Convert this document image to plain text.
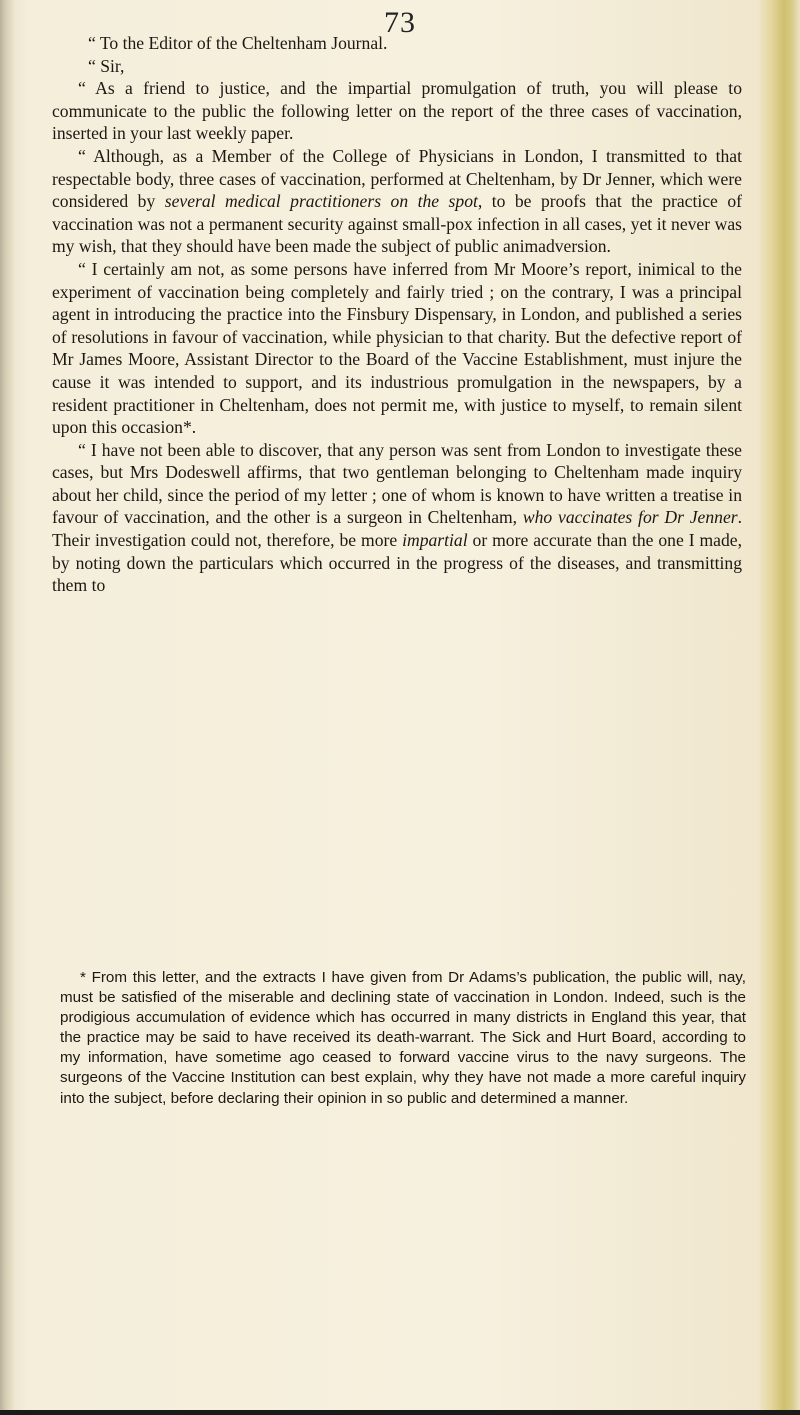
73

“ To the Editor of the Cheltenham Journal.

“ Sir,

“ As a friend to justice, and the impartial promulgation of truth, you will please to communicate to the public the following letter on the report of the three cases of vaccination, inserted in your last weekly paper.

“ Although, as a Member of the College of Physicians in London, I transmitted to that respectable body, three cases of vaccination, performed at Cheltenham, by Dr Jenner, which were considered by several medical practitioners on the spot, to be proofs that the practice of vaccination was not a permanent security against small-pox infection in all cases, yet it never was my wish, that they should have been made the subject of public animadversion.

“ I certainly am not, as some persons have inferred from Mr Moore’s report, inimical to the experiment of vaccination being completely and fairly tried ; on the contrary, I was a principal agent in introducing the practice into the Finsbury Dispensary, in London, and published a series of resolutions in favour of vaccination, while physician to that charity. But the defective report of Mr James Moore, Assistant Director to the Board of the Vaccine Establishment, must injure the cause it was intended to support, and its industrious promulgation in the newspapers, by a resident practitioner in Cheltenham, does not permit me, with justice to myself, to remain silent upon this occasion*.

“ I have not been able to discover, that any person was sent from London to investigate these cases, but Mrs Dodeswell affirms, that two gentleman belonging to Cheltenham made inquiry about her child, since the period of my letter ; one of whom is known to have written a treatise in favour of vaccination, and the other is a surgeon in Cheltenham, who vaccinates for Dr Jenner. Their investigation could not, therefore, be more impartial or more accurate than the one I made, by noting down the particulars which occurred in the progress of the diseases, and transmitting them to

* From this letter, and the extracts I have given from Dr Adams’s publication, the public will, nay, must be satisfied of the miserable and declining state of vaccination in London. Indeed, such is the prodigious accumulation of evidence which has occurred in many districts in England this year, that the practice may be said to have received its death-warrant. The Sick and Hurt Board, according to my information, have sometime ago ceased to forward vaccine virus to the navy surgeons. The surgeons of the Vaccine Institution can best explain, why they have not made a more careful inquiry into the subject, before declaring their opinion in so public and determined a manner.
